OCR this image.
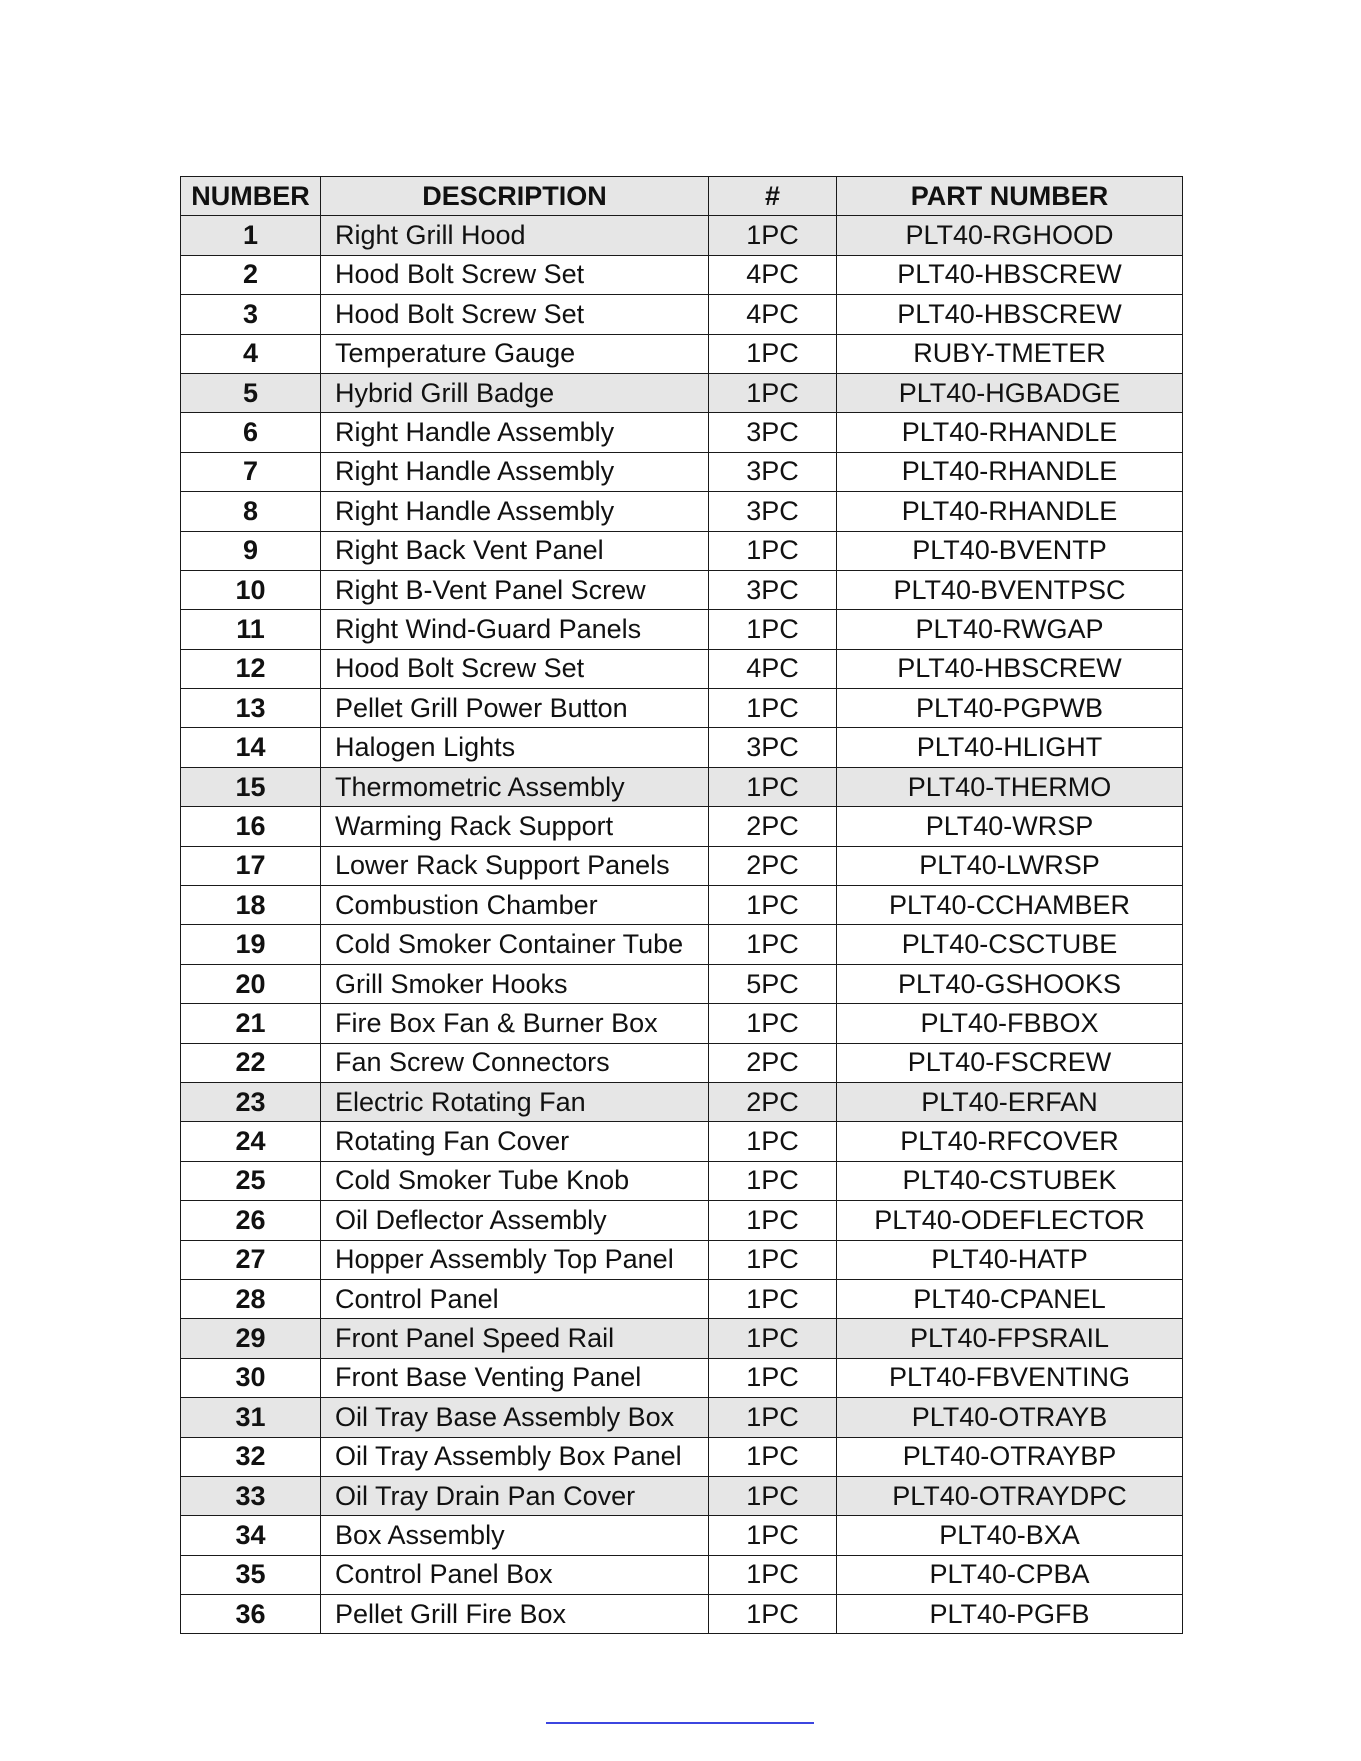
NUMBER	DESCRIPTION	#	PART NUMBER
1	Right Grill Hood	1PC	PLT40-RGHOOD
2	Hood Bolt Screw Set	4PC	PLT40-HBSCREW
3	Hood Bolt Screw Set	4PC	PLT40-HBSCREW
4	Temperature Gauge	1PC	RUBY-TMETER
5	Hybrid Grill Badge	1PC	PLT40-HGBADGE
6	Right Handle Assembly	3PC	PLT40-RHANDLE
7	Right Handle Assembly	3PC	PLT40-RHANDLE
8	Right Handle Assembly	3PC	PLT40-RHANDLE
9	Right Back Vent Panel	1PC	PLT40-BVENTP
10	Right B-Vent Panel Screw	3PC	PLT40-BVENTPSC
11	Right Wind-Guard Panels	1PC	PLT40-RWGAP
12	Hood Bolt Screw Set	4PC	PLT40-HBSCREW
13	Pellet Grill Power Button	1PC	PLT40-PGPWB
14	Halogen Lights	3PC	PLT40-HLIGHT
15	Thermometric Assembly	1PC	PLT40-THERMO
16	Warming Rack Support	2PC	PLT40-WRSP
17	Lower Rack Support Panels	2PC	PLT40-LWRSP
18	Combustion Chamber	1PC	PLT40-CCHAMBER
19	Cold Smoker Container Tube	1PC	PLT40-CSCTUBE
20	Grill Smoker Hooks	5PC	PLT40-GSHOOKS
21	Fire Box Fan & Burner Box	1PC	PLT40-FBBOX
22	Fan Screw Connectors	2PC	PLT40-FSCREW
23	Electric Rotating Fan	2PC	PLT40-ERFAN
24	Rotating Fan Cover	1PC	PLT40-RFCOVER
25	Cold Smoker Tube Knob	1PC	PLT40-CSTUBEK
26	Oil Deflector Assembly	1PC	PLT40-ODEFLECTOR
27	Hopper Assembly Top Panel	1PC	PLT40-HATP
28	Control Panel	1PC	PLT40-CPANEL
29	Front Panel Speed Rail	1PC	PLT40-FPSRAIL
30	Front Base Venting Panel	1PC	PLT40-FBVENTING
31	Oil Tray Base Assembly Box	1PC	PLT40-OTRAYB
32	Oil Tray Assembly Box Panel	1PC	PLT40-OTRAYBP
33	Oil Tray Drain Pan Cover	1PC	PLT40-OTRAYDPC
34	Box Assembly	1PC	PLT40-BXA
35	Control Panel Box	1PC	PLT40-CPBA
36	Pellet Grill Fire Box	1PC	PLT40-PGFB
